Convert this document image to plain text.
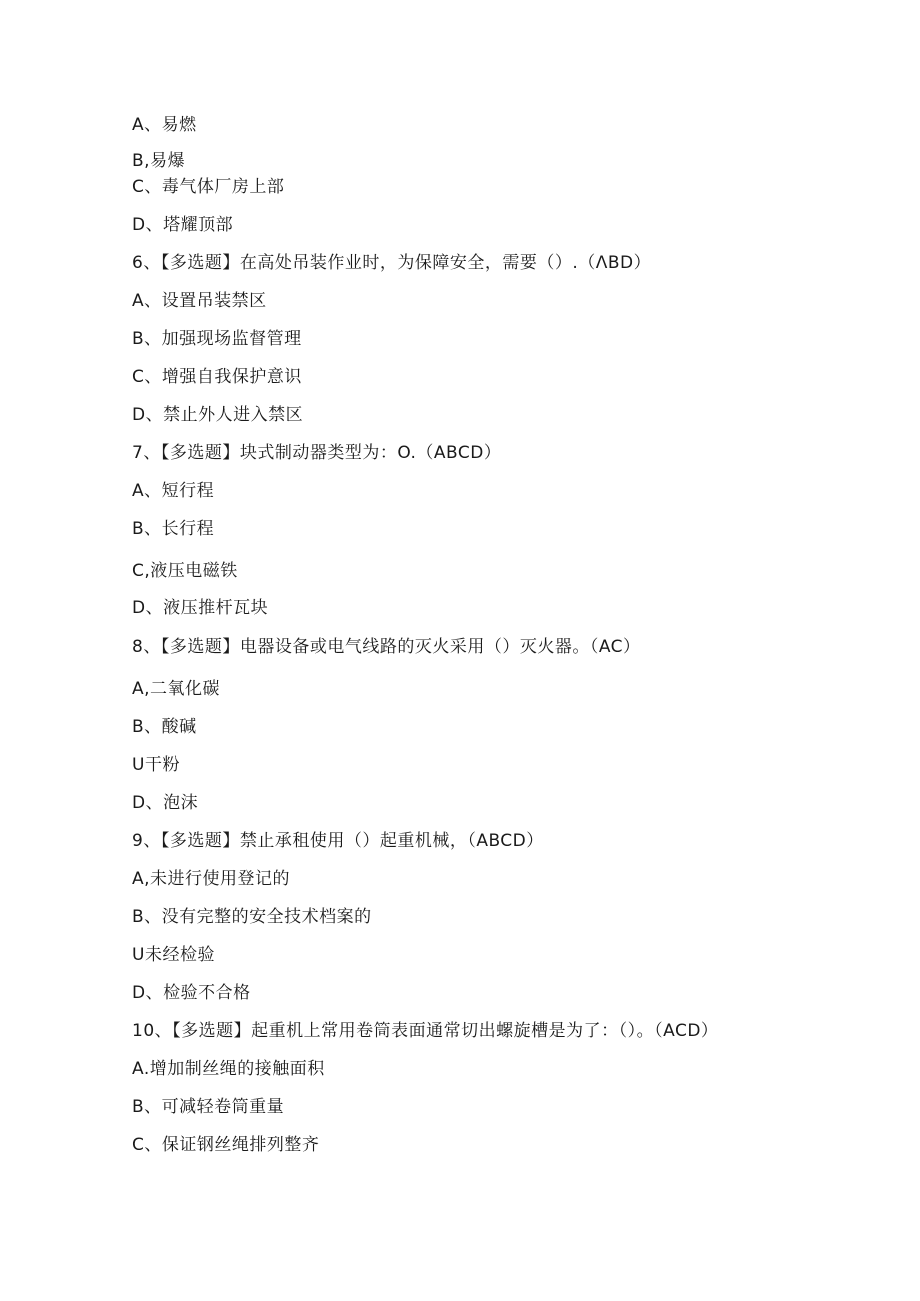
A、易燃
B,易爆
C、毒气体厂房上部
D、塔耀顶部
6、【多选题】在高处吊装作业时，为保障安全，需要（）.（ΛBD）
A、设置吊装禁区
B、加强现场监督管理
C、增强自我保护意识
D、禁止外人进入禁区
7、【多选题】块式制动器类型为：O.（ABCD）
A、短行程
B、长行程
C,液压电磁铁
D、液压推杆瓦块
8、【多选题】电器设备或电气线路的灭火采用（）灭火器。（AC）
A,二氧化碳
B、酸碱
U干粉
D、泡沫
9、【多选题】禁止承租使用（）起重机械，（ABCD）
A,未进行使用登记的
B、没有完整的安全技术档案的
U未经检验
D、检验不合格
10、【多选题】起重机上常用卷筒表面通常切出螺旋槽是为了：（）。（ACD）
A.增加制丝绳的接触面积
B、可减轻卷筒重量
C、保证钢丝绳排列整齐
